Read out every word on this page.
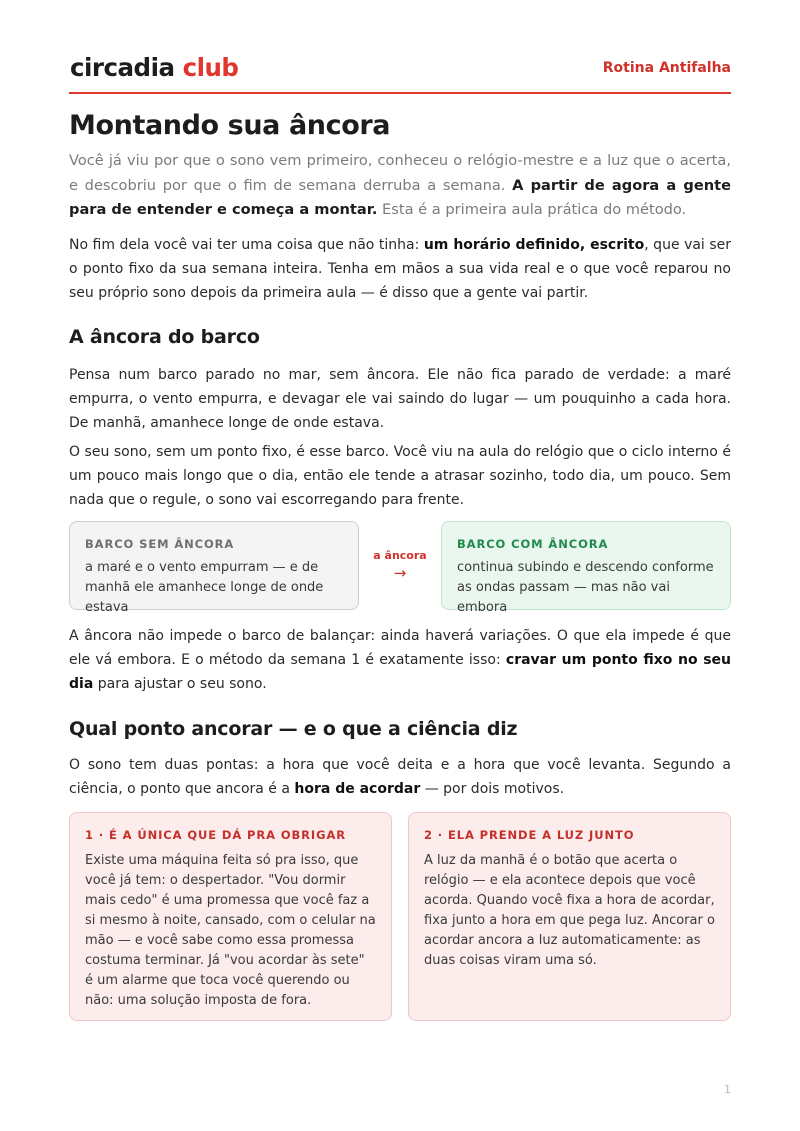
circadia club	Rotina Antifalha
Montando sua âncora

Você já viu por que o sono vem primeiro, conheceu o relógio-mestre e a luz que o acerta, e descobriu por que o fim de semana derruba a semana. A partir de agora a gente para de entender e começa a montar. Esta é a primeira aula prática do método.

No fim dela você vai ter uma coisa que não tinha: um horário definido, escrito, que vai ser o ponto fixo da sua semana inteira. Tenha em mãos a sua vida real e o que você reparou no seu próprio sono depois da primeira aula — é disso que a gente vai partir.

A âncora do barco

Pensa num barco parado no mar, sem âncora. Ele não fica parado de verdade: a maré empurra, o vento empurra, e devagar ele vai saindo do lugar — um pouquinho a cada hora. De manhã, amanhece longe de onde estava.

O seu sono, sem um ponto fixo, é esse barco. Você viu na aula do relógio que o ciclo interno é um pouco mais longo que o dia, então ele tende a atrasar sozinho, todo dia, um pouco. Sem nada que o regule, o sono vai escorregando para frente.

BARCO SEM ÂNCORA
a maré e o vento empurram — e de manhã ele amanhece longe de onde estava
a âncora
→
BARCO COM ÂNCORA
continua subindo e descendo conforme as ondas passam — mas não vai embora

A âncora não impede o barco de balançar: ainda haverá variações. O que ela impede é que ele vá embora. E o método da semana 1 é exatamente isso: cravar um ponto fixo no seu dia para ajustar o seu sono.

Qual ponto ancorar — e o que a ciência diz

O sono tem duas pontas: a hora que você deita e a hora que você levanta. Segundo a ciência, o ponto que ancora é a hora de acordar — por dois motivos.

1 · É A ÚNICA QUE DÁ PRA OBRIGAR
Existe uma máquina feita só pra isso, que você já tem: o despertador. "Vou dormir mais cedo" é uma promessa que você faz a si mesmo à noite, cansado, com o celular na mão — e você sabe como essa promessa costuma terminar. Já "vou acordar às sete" é um alarme que toca você querendo ou não: uma solução imposta de fora.
2 · ELA PRENDE A LUZ JUNTO
A luz da manhã é o botão que acerta o relógio — e ela acontece depois que você acorda. Quando você fixa a hora de acordar, fixa junto a hora em que pega luz. Ancorar o acordar ancora a luz automaticamente: as duas coisas viram uma só.
1
